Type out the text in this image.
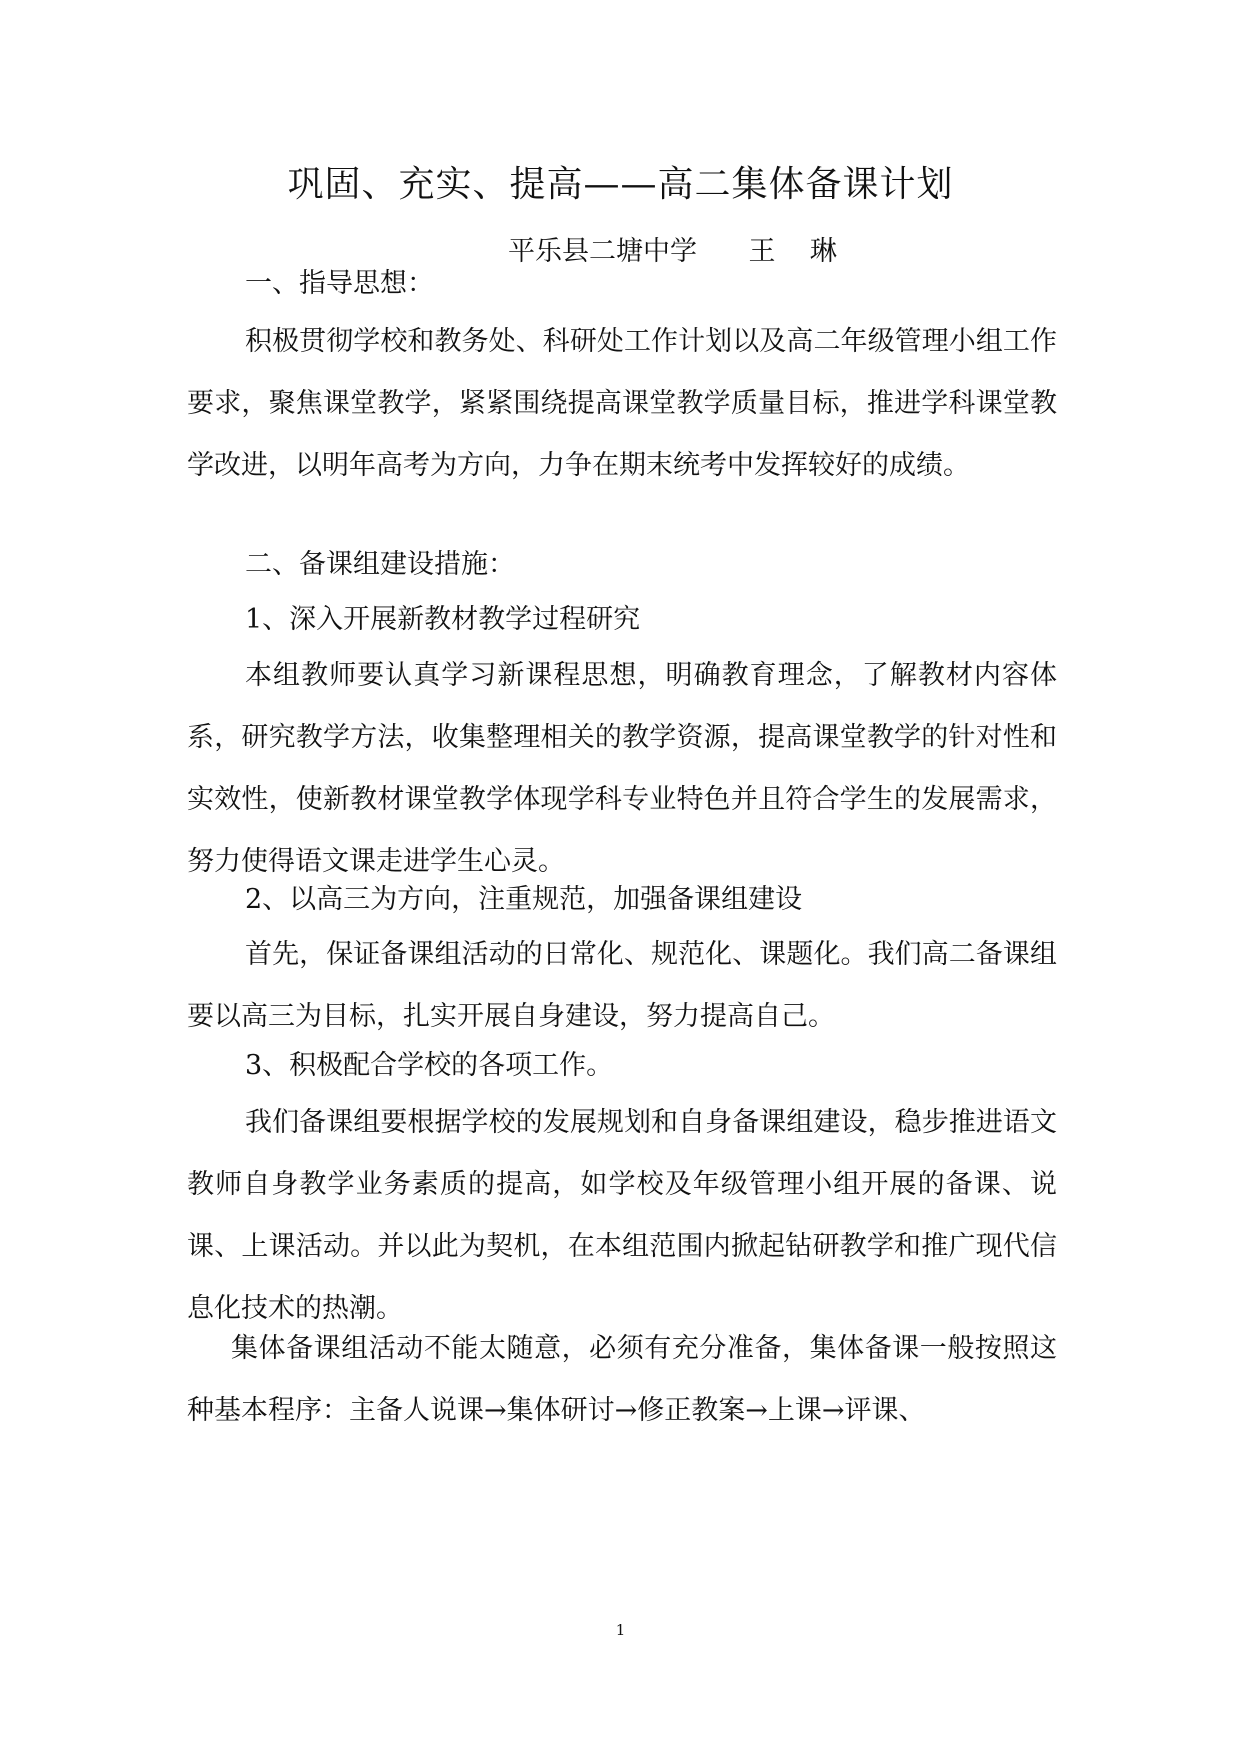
巩固、充实、提高——高二集体备课计划
平乐县二塘中学      王    琳
一、指导思想：

积极贯彻学校和教务处、科研处工作计划以及高二年级管理小组工作要求，聚焦课堂教学，紧紧围绕提高课堂教学质量目标，推进学科课堂教学改进，以明年高考为方向，力争在期末统考中发挥较好的成绩。

二、备课组建设措施：
1、深入开展新教材教学过程研究

本组教师要认真学习新课程思想，明确教育理念，了解教材内容体系，研究教学方法，收集整理相关的教学资源，提高课堂教学的针对性和实效性，使新教材课堂教学体现学科专业特色并且符合学生的发展需求，努力使得语文课走进学生心灵。

2、以高三为方向，注重规范，加强备课组建设

首先，保证备课组活动的日常化、规范化、课题化。我们高二备课组要以高三为目标，扎实开展自身建设，努力提高自己。

3、积极配合学校的各项工作。

我们备课组要根据学校的发展规划和自身备课组建设，稳步推进语文教师自身教学业务素质的提高，如学校及年级管理小组开展的备课、说课、上课活动。并以此为契机，在本组范围内掀起钻研教学和推广现代信息化技术的热潮。

集体备课组活动不能太随意，必须有充分准备，集体备课一般按照这种基本程序：主备人说课→集体研讨→修正教案→上课→评课、

1
